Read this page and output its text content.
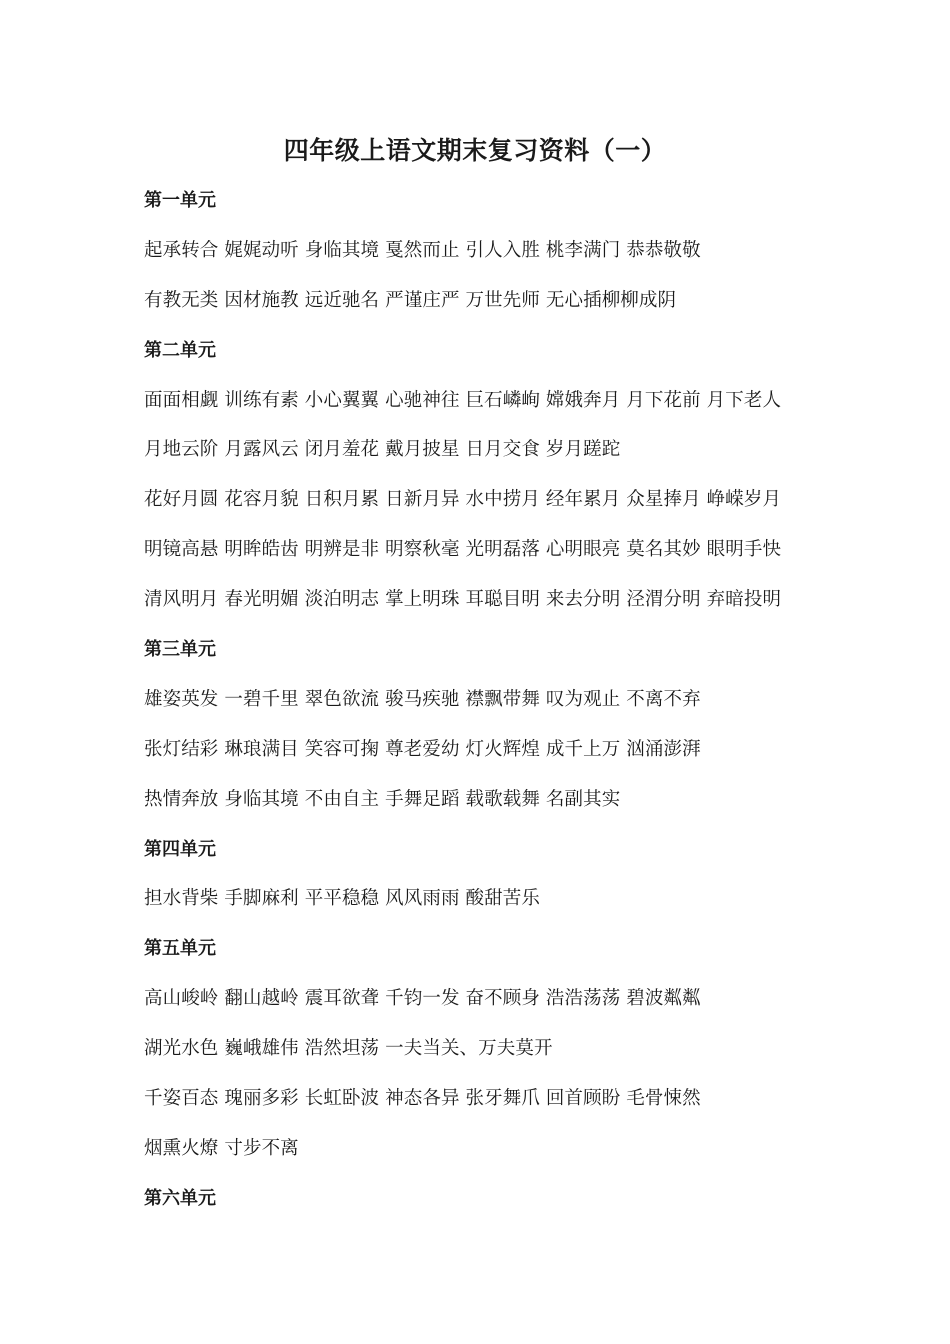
四年级上语文期末复习资料（一）
第一单元
起承转合 娓娓动听 身临其境 戛然而止 引人入胜 桃李满门 恭恭敬敬
有教无类 因材施教 远近驰名 严谨庄严 万世先师 无心插柳柳成阴
第二单元
面面相觑 训练有素 小心翼翼 心驰神往 巨石嶙峋 嫦娥奔月 月下花前 月下老人
月地云阶 月露风云 闭月羞花 戴月披星 日月交食 岁月蹉跎
花好月圆 花容月貌 日积月累 日新月异 水中捞月 经年累月 众星捧月 峥嵘岁月
明镜高悬 明眸皓齿 明辨是非 明察秋毫 光明磊落 心明眼亮 莫名其妙 眼明手快
清风明月 春光明媚 淡泊明志 掌上明珠 耳聪目明 来去分明 泾渭分明 弃暗投明
第三单元
雄姿英发 一碧千里 翠色欲流 骏马疾驰 襟飘带舞 叹为观止 不离不弃
张灯结彩 琳琅满目 笑容可掬 尊老爱幼 灯火辉煌 成千上万 汹涌澎湃
热情奔放 身临其境 不由自主 手舞足蹈 载歌载舞 名副其实
第四单元
担水背柴 手脚麻利 平平稳稳 风风雨雨 酸甜苦乐
第五单元
高山峻岭 翻山越岭 震耳欲聋 千钧一发 奋不顾身 浩浩荡荡 碧波粼粼
湖光水色 巍峨雄伟 浩然坦荡 一夫当关、万夫莫开
千姿百态 瑰丽多彩 长虹卧波 神态各异 张牙舞爪 回首顾盼 毛骨悚然
烟熏火燎 寸步不离
第六单元
